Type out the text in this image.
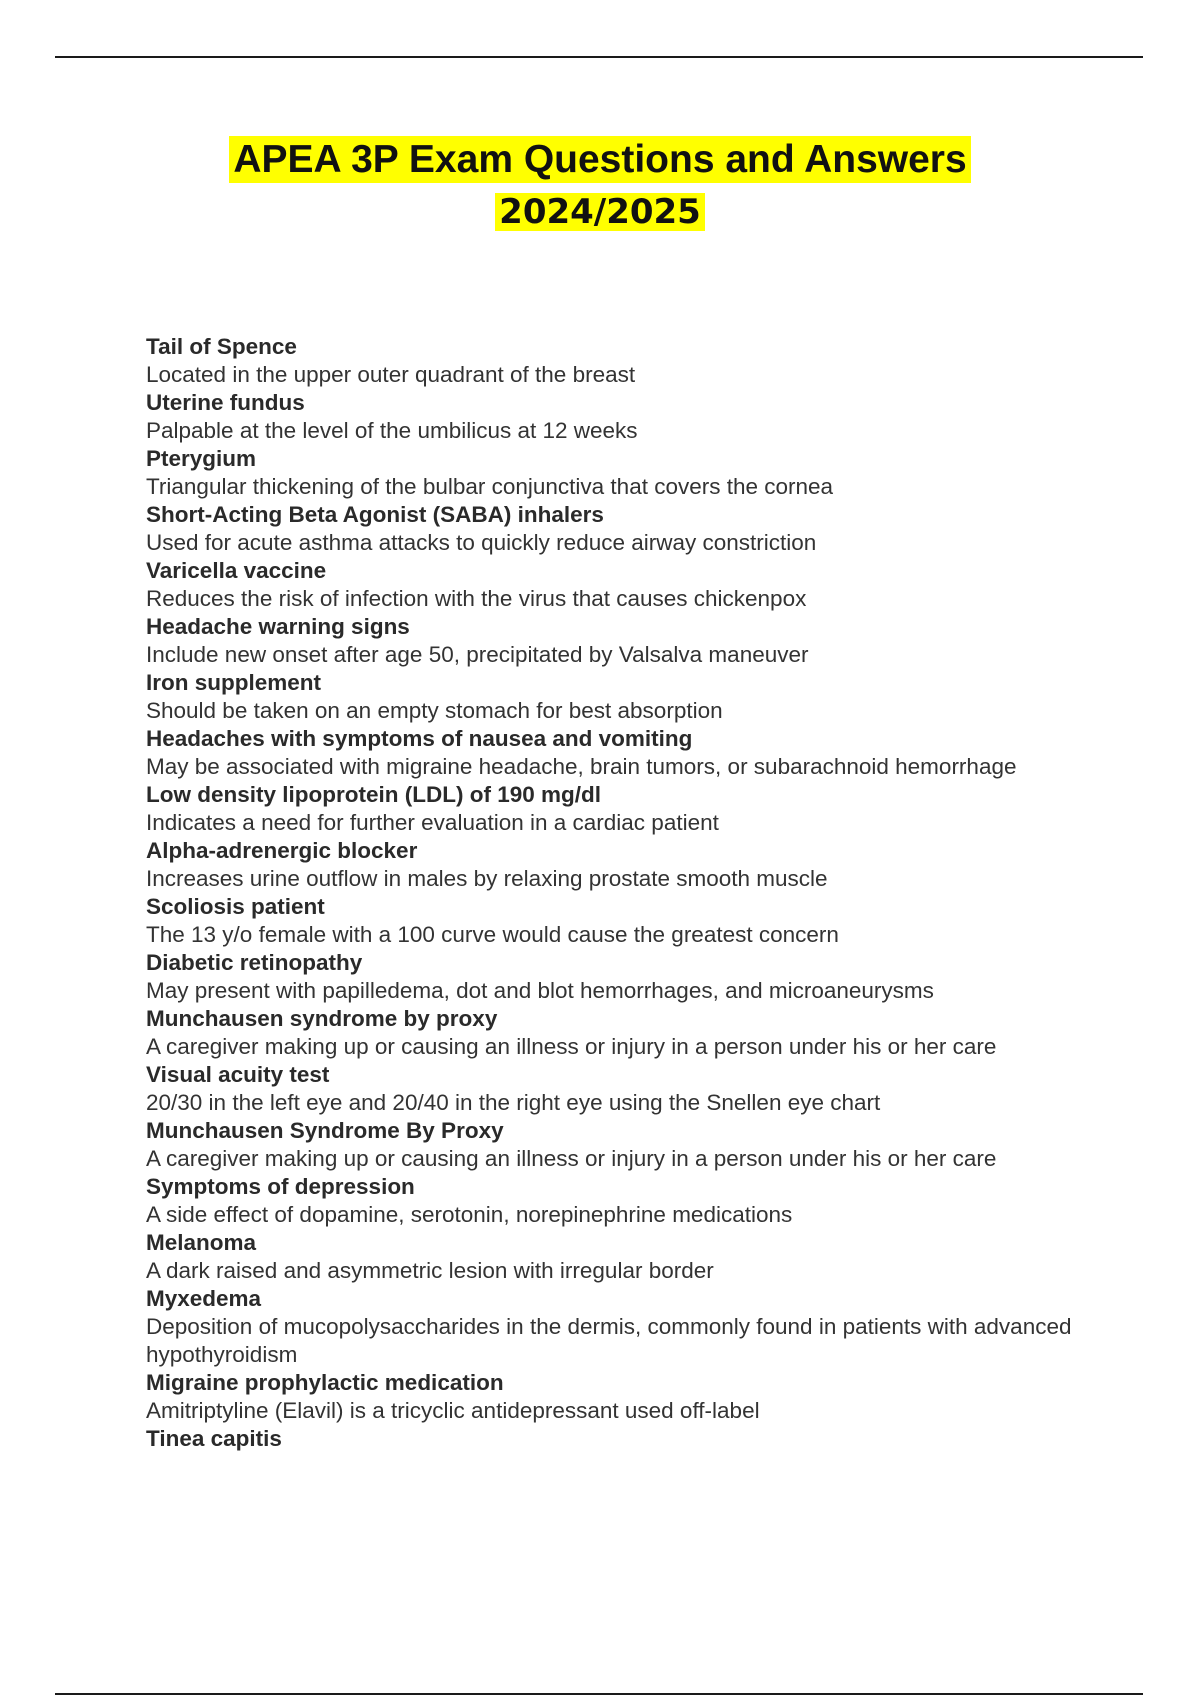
APEA 3P Exam Questions and Answers
2024/2025

Tail of Spence

Located in the upper outer quadrant of the breast

Uterine fundus

Palpable at the level of the umbilicus at 12 weeks

Pterygium

Triangular thickening of the bulbar conjunctiva that covers the cornea

Short-Acting Beta Agonist (SABA) inhalers

Used for acute asthma attacks to quickly reduce airway constriction

Varicella vaccine

Reduces the risk of infection with the virus that causes chickenpox

Headache warning signs

Include new onset after age 50, precipitated by Valsalva maneuver

Iron supplement

Should be taken on an empty stomach for best absorption

Headaches with symptoms of nausea and vomiting

May be associated with migraine headache, brain tumors, or subarachnoid hemorrhage

Low density lipoprotein (LDL) of 190 mg/dl

Indicates a need for further evaluation in a cardiac patient

Alpha-adrenergic blocker

Increases urine outflow in males by relaxing prostate smooth muscle

Scoliosis patient

The 13 y/o female with a 100 curve would cause the greatest concern

Diabetic retinopathy

May present with papilledema, dot and blot hemorrhages, and microaneurysms

Munchausen syndrome by proxy

A caregiver making up or causing an illness or injury in a person under his or her care

Visual acuity test

20/30 in the left eye and 20/40 in the right eye using the Snellen eye chart

Munchausen Syndrome By Proxy

A caregiver making up or causing an illness or injury in a person under his or her care

Symptoms of depression

A side effect of dopamine, serotonin, norepinephrine medications

Melanoma

A dark raised and asymmetric lesion with irregular border

Myxedema

Deposition of mucopolysaccharides in the dermis, commonly found in patients with advanced hypothyroidism

Migraine prophylactic medication

Amitriptyline (Elavil) is a tricyclic antidepressant used off-label

Tinea capitis
